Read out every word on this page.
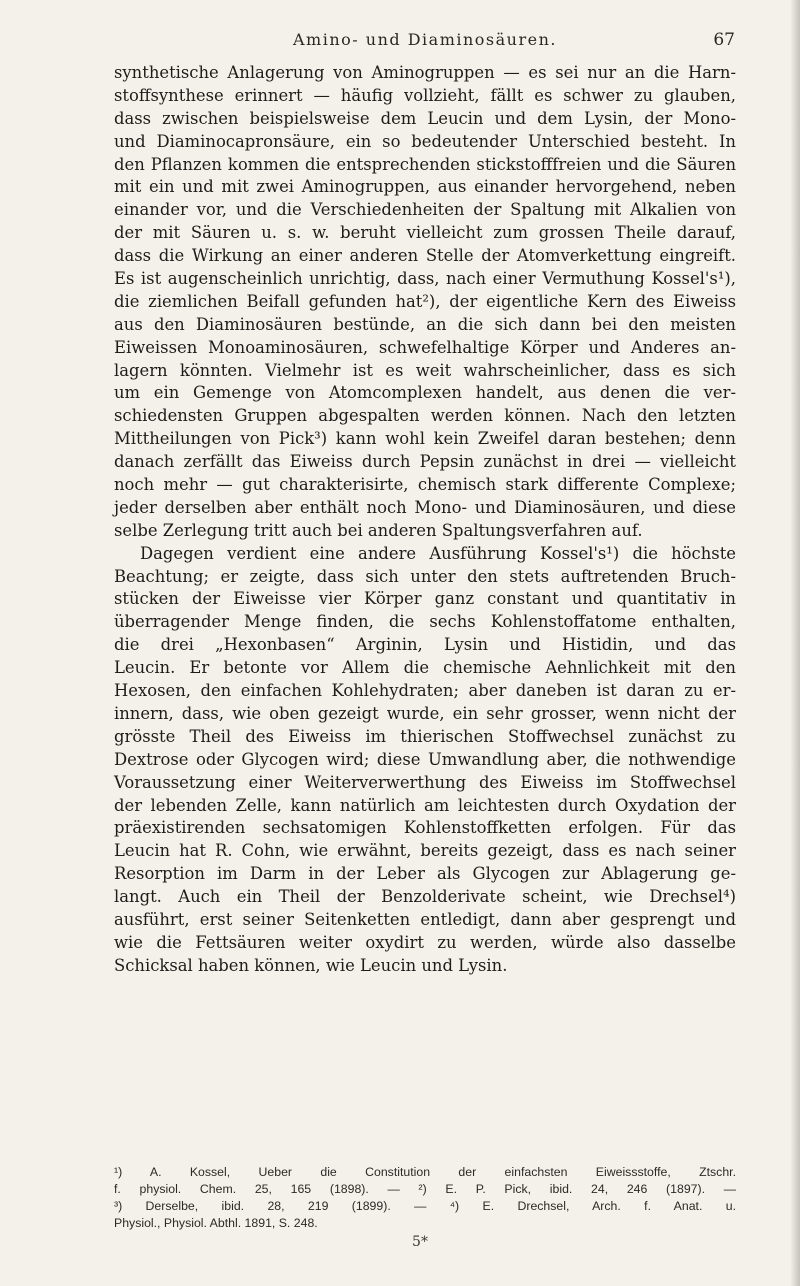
Amino- und Diaminosäuren.	67
synthetische Anlagerung von Aminogruppen — es sei nur an die Harn-
stoffsynthese erinnert — häufig vollzieht, fällt es schwer zu glauben,
dass zwischen beispielsweise dem Leucin und dem Lysin, der Mono-
und Diaminocapronsäure, ein so bedeutender Unterschied besteht. In
den Pflanzen kommen die entsprechenden stickstofffreien und die Säuren
mit ein und mit zwei Aminogruppen, aus einander hervorgehend, neben
einander vor, und die Verschiedenheiten der Spaltung mit Alkalien von
der mit Säuren u. s. w. beruht vielleicht zum grossen Theile darauf,
dass die Wirkung an einer anderen Stelle der Atomverkettung eingreift.
Es ist augenscheinlich unrichtig, dass, nach einer Vermuthung Kossel's¹),
die ziemlichen Beifall gefunden hat²), der eigentliche Kern des Eiweiss
aus den Diaminosäuren bestünde, an die sich dann bei den meisten
Eiweissen Monoaminosäuren, schwefelhaltige Körper und Anderes an-
lagern könnten. Vielmehr ist es weit wahrscheinlicher, dass es sich
um ein Gemenge von Atomcomplexen handelt, aus denen die ver-
schiedensten Gruppen abgespalten werden können. Nach den letzten
Mittheilungen von Pick³) kann wohl kein Zweifel daran bestehen; denn
danach zerfällt das Eiweiss durch Pepsin zunächst in drei — vielleicht
noch mehr — gut charakterisirte, chemisch stark differente Complexe;
jeder derselben aber enthält noch Mono- und Diaminosäuren, und diese
selbe Zerlegung tritt auch bei anderen Spaltungsverfahren auf.
Dagegen verdient eine andere Ausführung Kossel's¹) die höchste
Beachtung; er zeigte, dass sich unter den stets auftretenden Bruch-
stücken der Eiweisse vier Körper ganz constant und quantitativ in
überragender Menge finden, die sechs Kohlenstoffatome enthalten,
die drei „Hexonbasen“ Arginin, Lysin und Histidin, und das
Leucin. Er betonte vor Allem die chemische Aehnlichkeit mit den
Hexosen, den einfachen Kohlehydraten; aber daneben ist daran zu er-
innern, dass, wie oben gezeigt wurde, ein sehr grosser, wenn nicht der
grösste Theil des Eiweiss im thierischen Stoffwechsel zunächst zu
Dextrose oder Glycogen wird; diese Umwandlung aber, die nothwendige
Voraussetzung einer Weiterverwerthung des Eiweiss im Stoffwechsel
der lebenden Zelle, kann natürlich am leichtesten durch Oxydation der
präexistirenden sechsatomigen Kohlenstoffketten erfolgen. Für das
Leucin hat R. Cohn, wie erwähnt, bereits gezeigt, dass es nach seiner
Resorption im Darm in der Leber als Glycogen zur Ablagerung ge-
langt. Auch ein Theil der Benzolderivate scheint, wie Drechsel⁴)
ausführt, erst seiner Seitenketten entledigt, dann aber gesprengt und
wie die Fettsäuren weiter oxydirt zu werden, würde also dasselbe
Schicksal haben können, wie Leucin und Lysin.
¹) A. Kossel, Ueber die Constitution der einfachsten Eiweissstoffe, Ztschr.
f. physiol. Chem. 25, 165 (1898). — ²) E. P. Pick, ibid. 24, 246 (1897). —
³) Derselbe, ibid. 28, 219 (1899). — ⁴) E. Drechsel, Arch. f. Anat. u.
Physiol., Physiol. Abthl. 1891, S. 248.
5*
